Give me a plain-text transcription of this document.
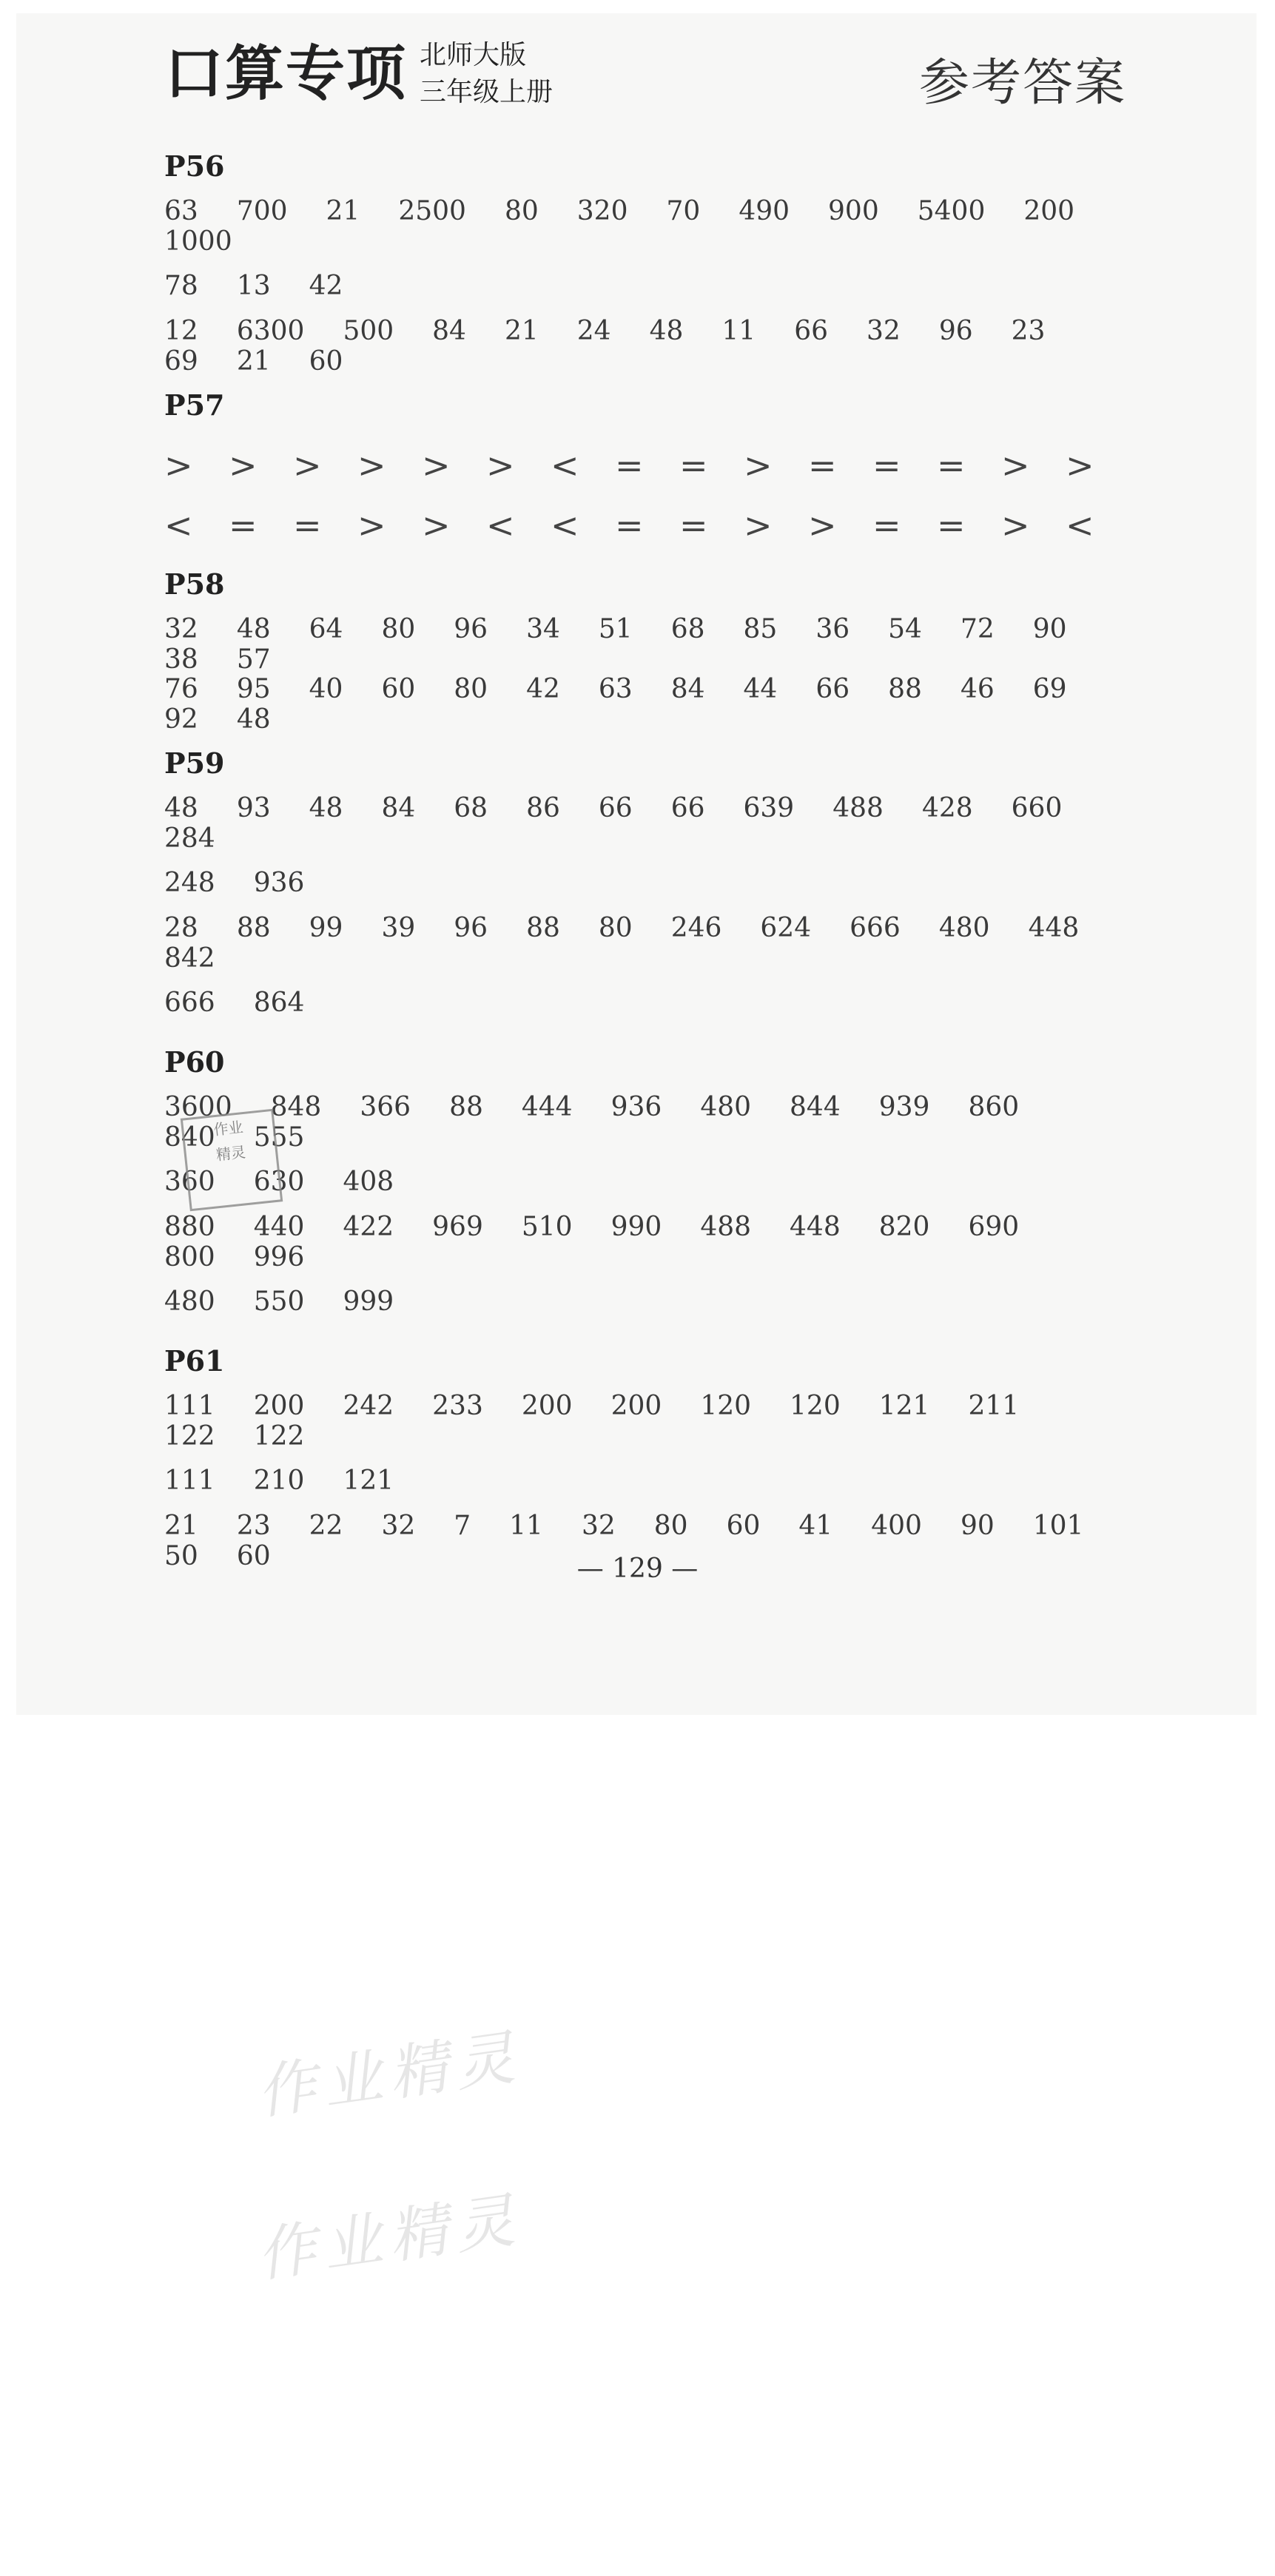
口算专项 北师大版
三年级上册	参考答案
P56
63 700 21 2500 80 320 70 490 900 5400 200
1000
78 13 42
12 6300 500 84 21 24 48 11 66 32 96 23
69 21 60
P57
>	>	>	>	>	>	<	=	=	>	=	=	=	>	>
<	=	=	>	>	<	<	=	=	>	>	=	=	>	<
P58
32 48 64 80 96 34 51 68 85 36 54 72 90
38 57
76 95 40 60 80 42 63 84 44 66 88 46 69
92 48
P59
48 93 48 84 68 86 66 66 639 488 428 660
284
248 936
28 88 99 39 96 88 80 246 624 666 480 448
842
666 864
P60
3600 848 366 88 444 936 480 844 939 860
840 555
360 630 408
880 440 422 969 510 990 488 448 820 690
800 996
480 550 999
P61
111 200 242 233 200 200 120 120 121 211
122 122
111 210 121
21 23 22 32 7 11 32 80 60 41 400 90 101
50 60
作业
精灵
— 129 —
作业精灵
作业精灵
